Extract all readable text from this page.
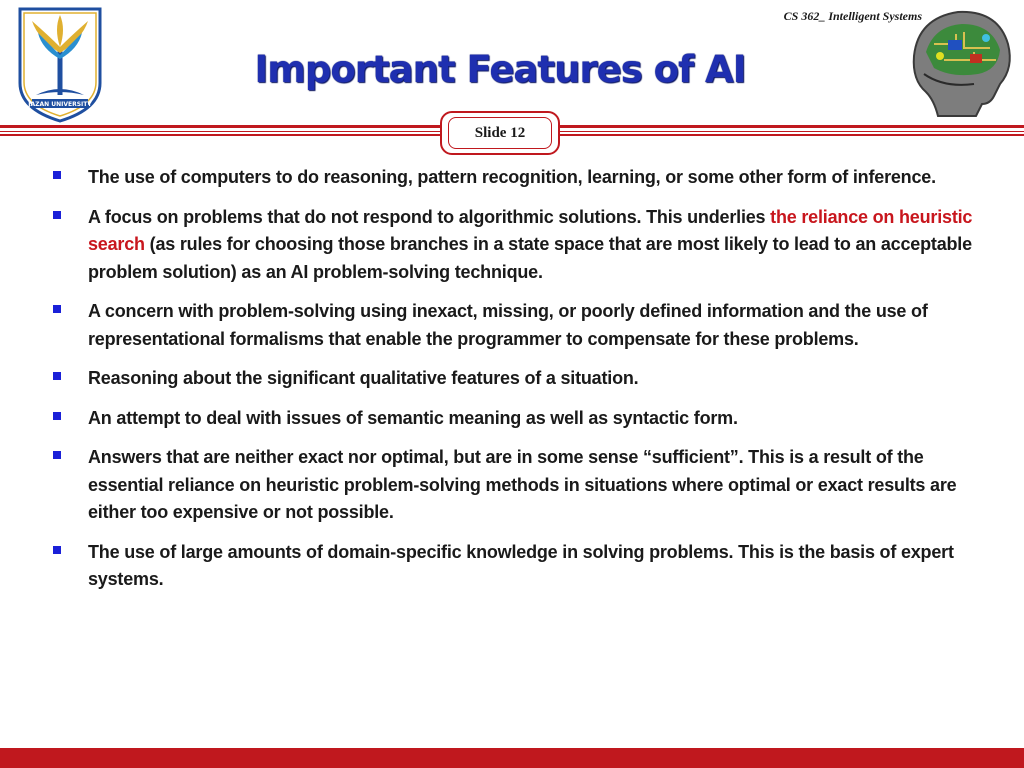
CS 362_ Intelligent Systems
JAZAN UNIVERSITY
Important Features of AI
Slide 12
The use of computers to do reasoning, pattern recognition, learning, or some other form of inference.
A focus on problems that do not respond to algorithmic solutions. This underlies the reliance on heuristic search (as rules for choosing those branches in a state space that are most likely to lead to an acceptable problem solution) as an AI problem-solving technique.
A concern with problem-solving using inexact, missing, or poorly defined information and the use of representational formalisms that enable the programmer to compensate for these problems.
Reasoning about the significant qualitative features of a situation.
An attempt to deal with issues of semantic meaning as well as syntactic form.
Answers that are neither exact nor optimal, but are in some sense “sufficient”. This is a result of the essential reliance on heuristic problem-solving methods in situations where optimal or exact results are either too expensive or not possible.
The use of large amounts of domain-specific knowledge in solving problems. This is the basis of expert systems.
